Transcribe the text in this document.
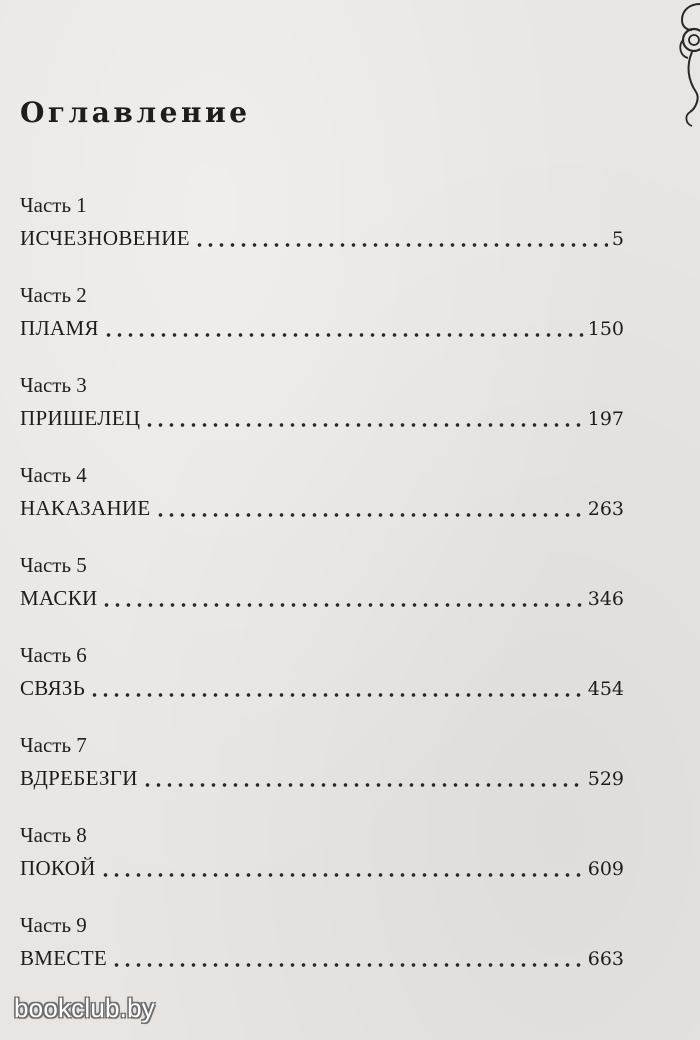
Оглавление
Часть 1
ИСЧЕЗНОВЕНИЕ	5
Часть 2
ПЛАМЯ	150
Часть 3
ПРИШЕЛЕЦ	197
Часть 4
НАКАЗАНИЕ	263
Часть 5
МАСКИ	346
Часть 6
СВЯЗЬ	454
Часть 7
ВДРЕБЕЗГИ	529
Часть 8
ПОКОЙ	609
Часть 9
ВМЕСТЕ	663
bookclub.by
